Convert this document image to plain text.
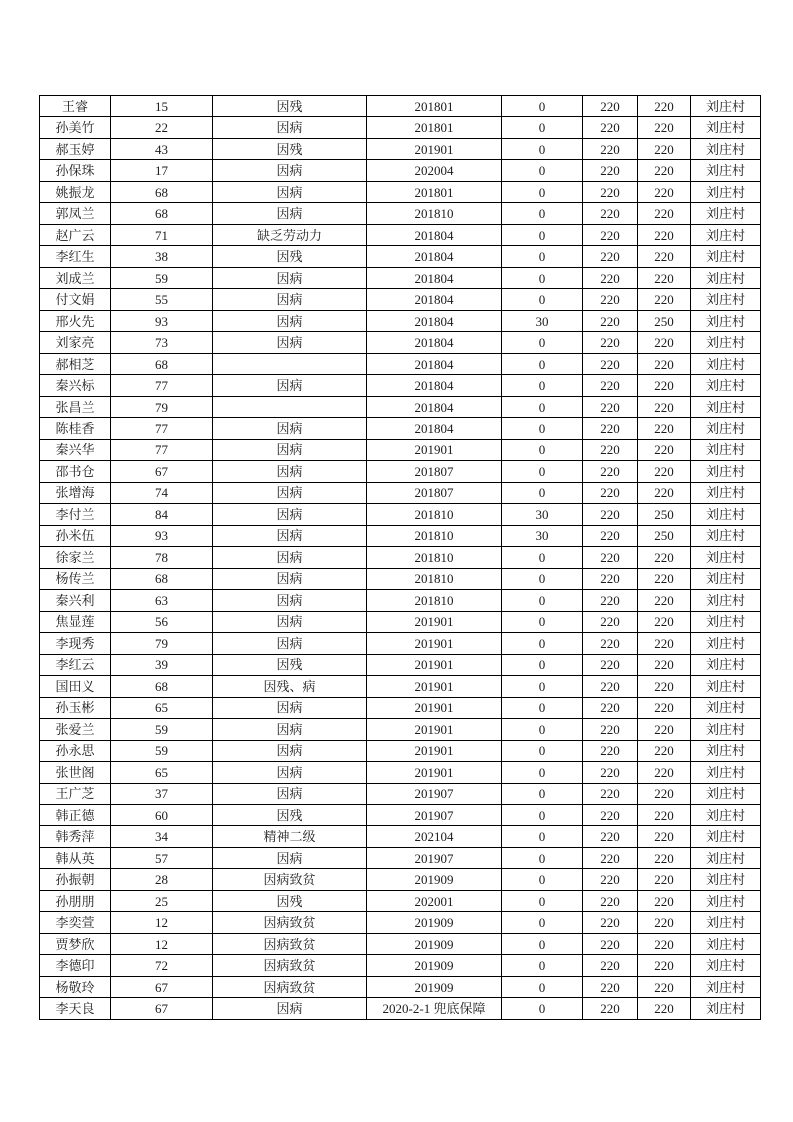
王睿	15	因残	201801	0	220	220	刘庄村
孙美竹	22	因病	201801	0	220	220	刘庄村
郝玉婷	43	因残	201901	0	220	220	刘庄村
孙保珠	17	因病	202004	0	220	220	刘庄村
姚振龙	68	因病	201801	0	220	220	刘庄村
郭凤兰	68	因病	201810	0	220	220	刘庄村
赵广云	71	缺乏劳动力	201804	0	220	220	刘庄村
李红生	38	因残	201804	0	220	220	刘庄村
刘成兰	59	因病	201804	0	220	220	刘庄村
付文娟	55	因病	201804	0	220	220	刘庄村
邢火先	93	因病	201804	30	220	250	刘庄村
刘家亮	73	因病	201804	0	220	220	刘庄村
郝相芝	68		201804	0	220	220	刘庄村
秦兴标	77	因病	201804	0	220	220	刘庄村
张昌兰	79		201804	0	220	220	刘庄村
陈桂香	77	因病	201804	0	220	220	刘庄村
秦兴华	77	因病	201901	0	220	220	刘庄村
邵书仓	67	因病	201807	0	220	220	刘庄村
张增海	74	因病	201807	0	220	220	刘庄村
李付兰	84	因病	201810	30	220	250	刘庄村
孙米伍	93	因病	201810	30	220	250	刘庄村
徐家兰	78	因病	201810	0	220	220	刘庄村
杨传兰	68	因病	201810	0	220	220	刘庄村
秦兴利	63	因病	201810	0	220	220	刘庄村
焦显莲	56	因病	201901	0	220	220	刘庄村
李现秀	79	因病	201901	0	220	220	刘庄村
李红云	39	因残	201901	0	220	220	刘庄村
国田义	68	因残、病	201901	0	220	220	刘庄村
孙玉彬	65	因病	201901	0	220	220	刘庄村
张爱兰	59	因病	201901	0	220	220	刘庄村
孙永思	59	因病	201901	0	220	220	刘庄村
张世阁	65	因病	201901	0	220	220	刘庄村
王广芝	37	因病	201907	0	220	220	刘庄村
韩正德	60	因残	201907	0	220	220	刘庄村
韩秀萍	34	精神二级	202104	0	220	220	刘庄村
韩从英	57	因病	201907	0	220	220	刘庄村
孙振朝	28	因病致贫	201909	0	220	220	刘庄村
孙朋朋	25	因残	202001	0	220	220	刘庄村
李奕萱	12	因病致贫	201909	0	220	220	刘庄村
贾梦欣	12	因病致贫	201909	0	220	220	刘庄村
李德印	72	因病致贫	201909	0	220	220	刘庄村
杨敬玲	67	因病致贫	201909	0	220	220	刘庄村
李天良	67	因病	2020-2-1 兜底保障	0	220	220	刘庄村
